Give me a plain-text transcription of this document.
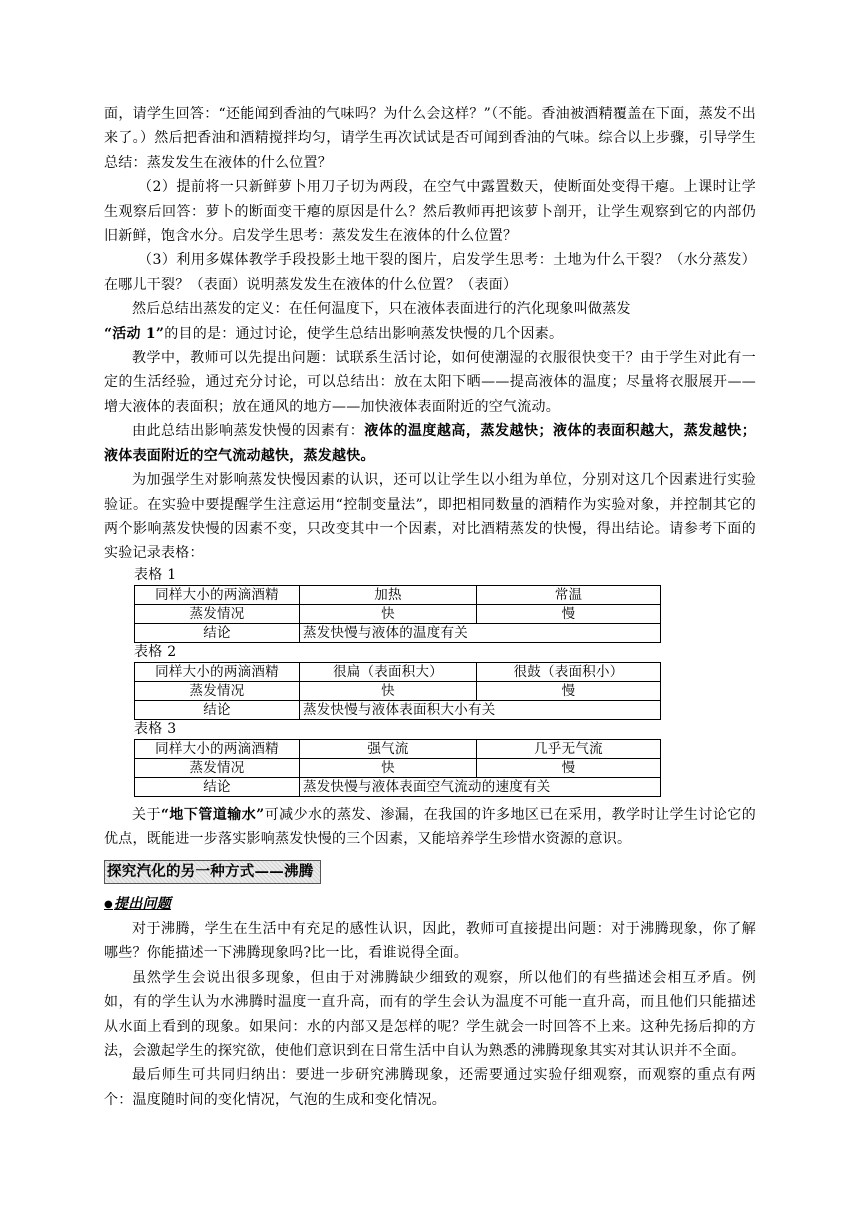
面，请学生回答：“还能闻到香油的气味吗？为什么会这样？”（不能。香油被酒精覆盖在下面，蒸发不出来了。）然后把香油和酒精搅拌均匀，请学生再次试试是否可闻到香油的气味。综合以上步骤，引导学生总结：蒸发发生在液体的什么位置？

（2）提前将一只新鲜萝卜用刀子切为两段，在空气中露置数天，使断面处变得干瘪。上课时让学生观察后回答：萝卜的断面变干瘪的原因是什么？然后教师再把该萝卜剖开，让学生观察到它的内部仍旧新鲜，饱含水分。启发学生思考：蒸发发生在液体的什么位置？

（3）利用多媒体教学手段投影土地干裂的图片，启发学生思考：土地为什么干裂？（水分蒸发）在哪儿干裂？（表面）说明蒸发发生在液体的什么位置？（表面）

然后总结出蒸发的定义：在任何温度下，只在液体表面进行的汽化现象叫做蒸发

“活动 1”的目的是：通过讨论，使学生总结出影响蒸发快慢的几个因素。

教学中，教师可以先提出问题：试联系生活讨论，如何使潮湿的衣服很快变干？由于学生对此有一定的生活经验，通过充分讨论，可以总结出：放在太阳下晒——提高液体的温度；尽量将衣服展开——增大液体的表面积；放在通风的地方——加快液体表面附近的空气流动。

由此总结出影响蒸发快慢的因素有：液体的温度越高，蒸发越快；液体的表面积越大，蒸发越快；液体表面附近的空气流动越快，蒸发越快。

为加强学生对影响蒸发快慢因素的认识，还可以让学生以小组为单位，分别对这几个因素进行实验验证。在实验中要提醒学生注意运用“控制变量法”，即把相同数量的酒精作为实验对象，并控制其它的两个影响蒸发快慢的因素不变，只改变其中一个因素，对比酒精蒸发的快慢，得出结论。请参考下面的实验记录表格：

表格 1

同样大小的两滴酒精	加热	常温
蒸发情况	快	慢
结论	蒸发快慢与液体的温度有关	

表格 2

同样大小的两滴酒精	很扁（表面积大）	很鼓（表面积小）
蒸发情况	快	慢
结论	蒸发快慢与液体表面积大小有关	

表格 3

同样大小的两滴酒精	强气流	几乎无气流
蒸发情况	快	慢
结论	蒸发快慢与液体表面空气流动的速度有关	

关于“地下管道输水”可减少水的蒸发、渗漏，在我国的许多地区已在采用，教学时让学生讨论它的优点，既能进一步落实影响蒸发快慢的三个因素，又能培养学生珍惜水资源的意识。

探究汽化的另一种方式——沸腾

●提出问题

对于沸腾，学生在生活中有充足的感性认识，因此，教师可直接提出问题：对于沸腾现象，你了解哪些？你能描述一下沸腾现象吗?比一比，看谁说得全面。

虽然学生会说出很多现象，但由于对沸腾缺少细致的观察，所以他们的有些描述会相互矛盾。例如，有的学生认为水沸腾时温度一直升高，而有的学生会认为温度不可能一直升高，而且他们只能描述从水面上看到的现象。如果问：水的内部又是怎样的呢？学生就会一时回答不上来。这种先扬后抑的方法，会激起学生的探究欲，使他们意识到在日常生活中自认为熟悉的沸腾现象其实对其认识并不全面。

最后师生可共同归纳出：要进一步研究沸腾现象，还需要通过实验仔细观察，而观察的重点有两个：温度随时间的变化情况，气泡的生成和变化情况。
